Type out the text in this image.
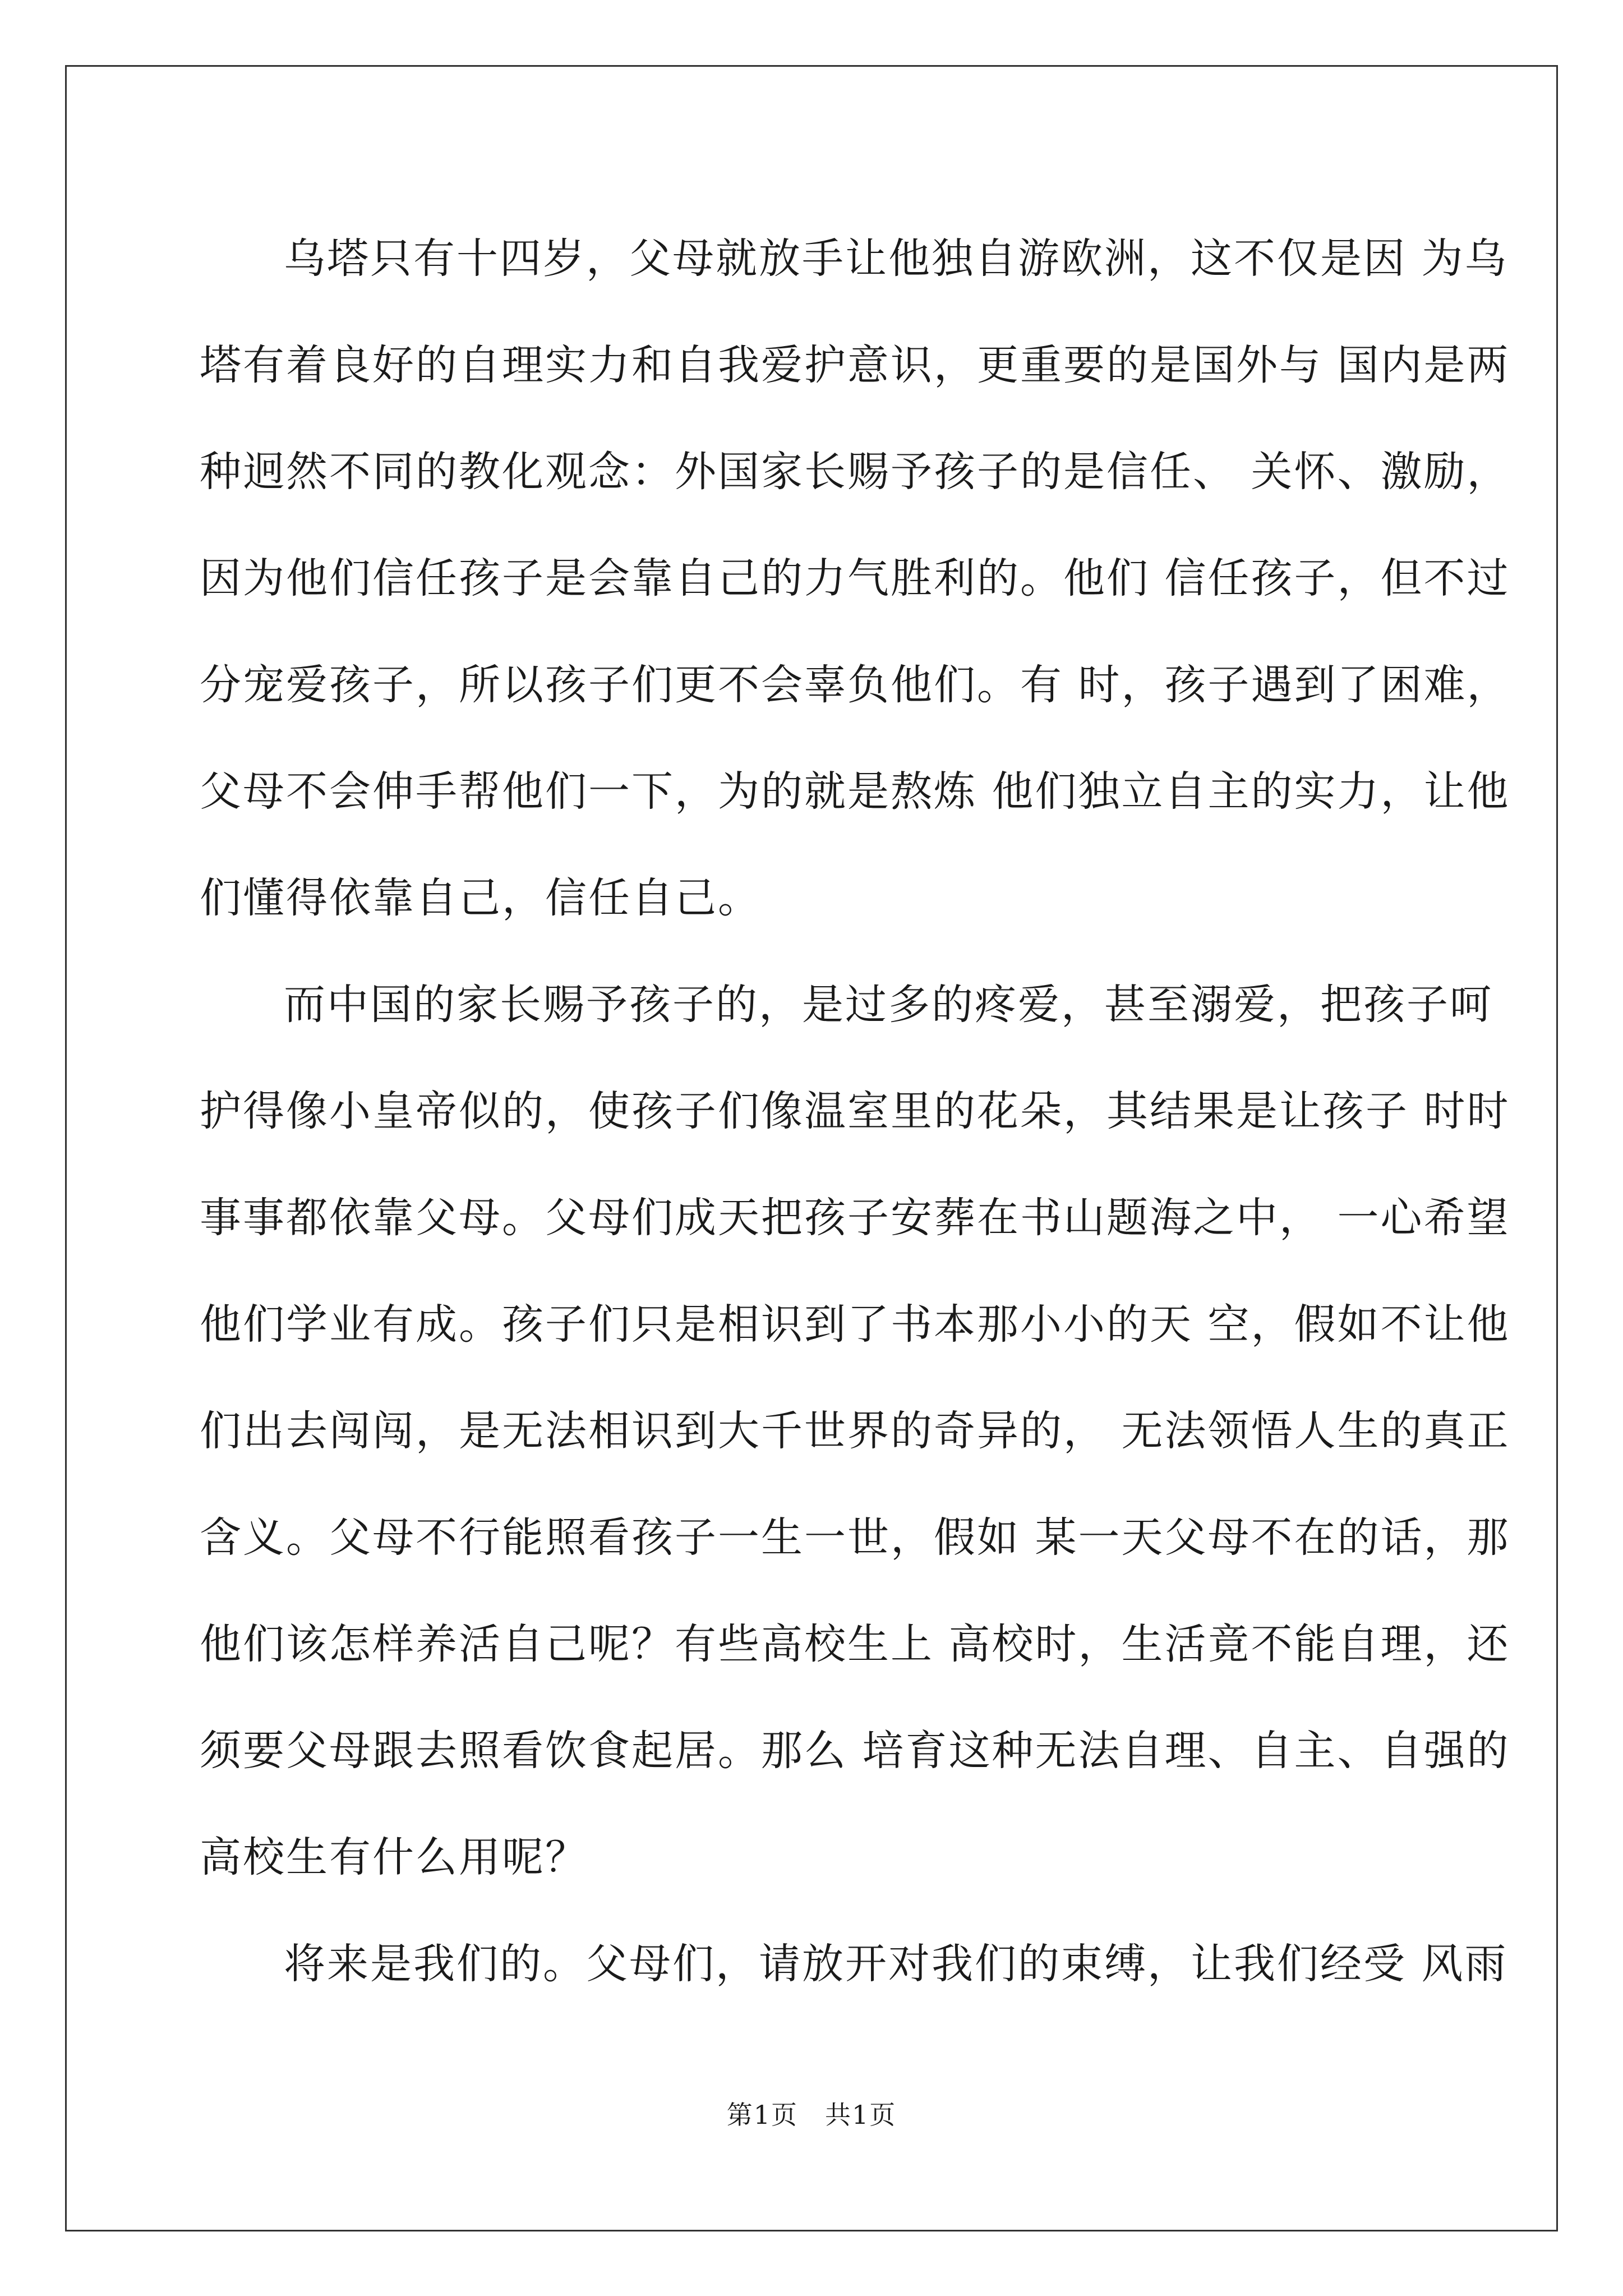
乌塔只有十四岁，父母就放手让他独自游欧洲，这不仅是因 为乌
塔有着良好的自理实力和自我爱护意识，更重要的是国外与 国内是两
种迥然不同的教化观念：外国家长赐予孩子的是信任、 关怀、激励，
因为他们信任孩子是会靠自己的力气胜利的。他们 信任孩子，但不过
分宠爱孩子，所以孩子们更不会辜负他们。有 时，孩子遇到了困难，
父母不会伸手帮他们一下，为的就是熬炼 他们独立自主的实力，让他
们懂得依靠自己，信任自己。
而中国的家长赐予孩子的，是过多的疼爱，甚至溺爱，把孩子呵
护得像小皇帝似的，使孩子们像温室里的花朵，其结果是让孩子 时时
事事都依靠父母。父母们成天把孩子安葬在书山题海之中， 一心希望
他们学业有成。孩子们只是相识到了书本那小小的天 空，假如不让他
们出去闯闯，是无法相识到大千世界的奇异的， 无法领悟人生的真正
含义。父母不行能照看孩子一生一世，假如 某一天父母不在的话，那
他们该怎样养活自己呢？有些高校生上 高校时，生活竟不能自理，还
须要父母跟去照看饮食起居。那么 培育这种无法自理、自主、自强的
高校生有什么用呢？
将来是我们的。父母们，请放开对我们的束缚，让我们经受 风雨
第1页　共1页
